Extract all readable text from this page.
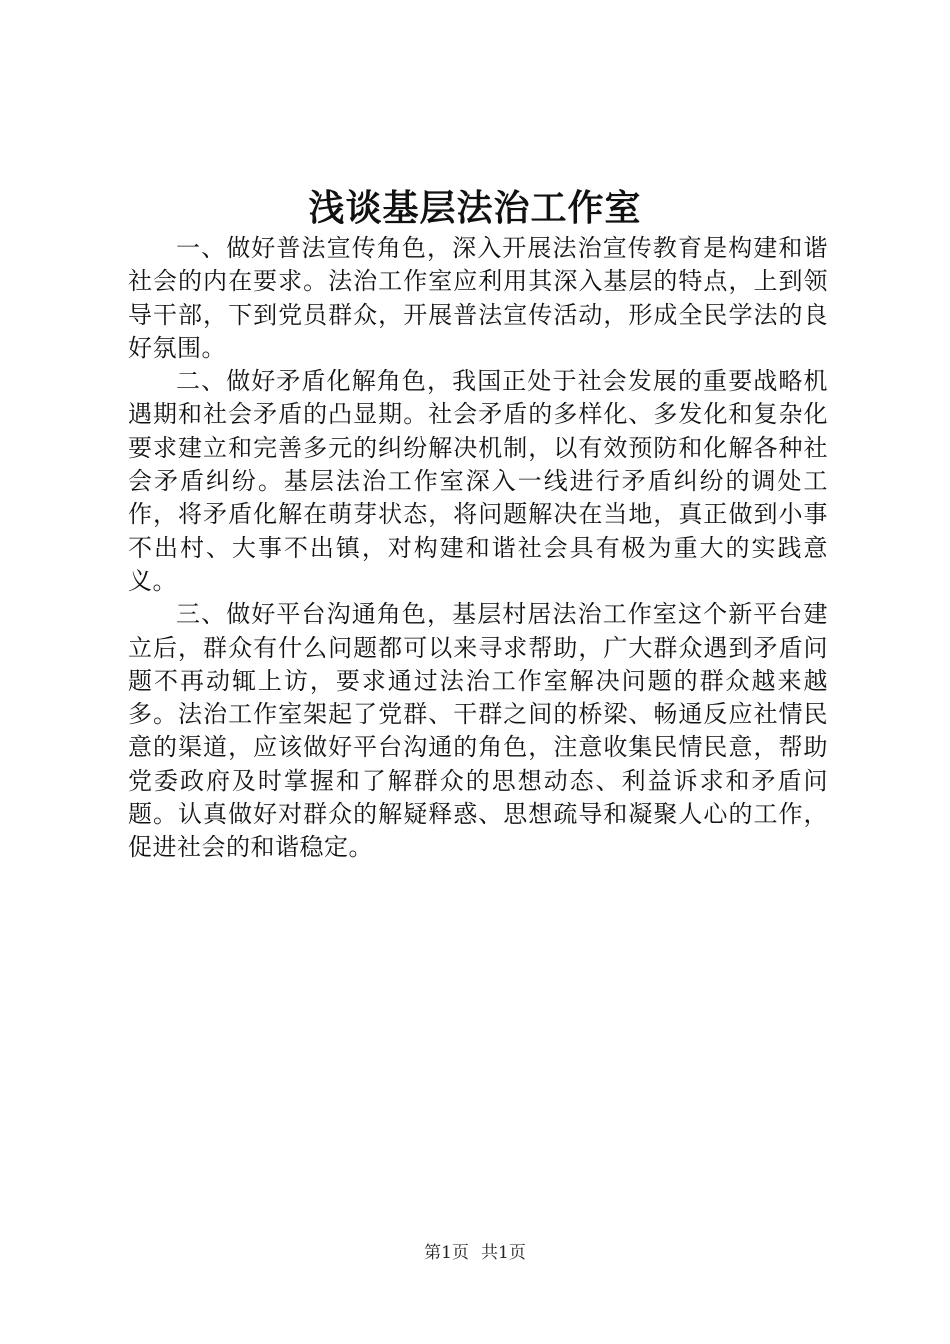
浅谈基层法治工作室

一、做好普法宣传角色，深入开展法治宣传教育是构建和谐社会的内在要求。法治工作室应利用其深入基层的特点，上到领导干部，下到党员群众，开展普法宣传活动，形成全民学法的良好氛围。

二、做好矛盾化解角色，我国正处于社会发展的重要战略机遇期和社会矛盾的凸显期。社会矛盾的多样化、多发化和复杂化要求建立和完善多元的纠纷解决机制，以有效预防和化解各种社会矛盾纠纷。基层法治工作室深入一线进行矛盾纠纷的调处工作，将矛盾化解在萌芽状态，将问题解决在当地，真正做到小事不出村、大事不出镇，对构建和谐社会具有极为重大的实践意义。

三、做好平台沟通角色，基层村居法治工作室这个新平台建立后，群众有什么问题都可以来寻求帮助，广大群众遇到矛盾问题不再动辄上访，要求通过法治工作室解决问题的群众越来越多。法治工作室架起了党群、干群之间的桥梁、畅通反应社情民意的渠道，应该做好平台沟通的角色，注意收集民情民意，帮助党委政府及时掌握和了解群众的思想动态、利益诉求和矛盾问题。认真做好对群众的解疑释惑、思想疏导和凝聚人心的工作，促进社会的和谐稳定。

第1页 共1页
